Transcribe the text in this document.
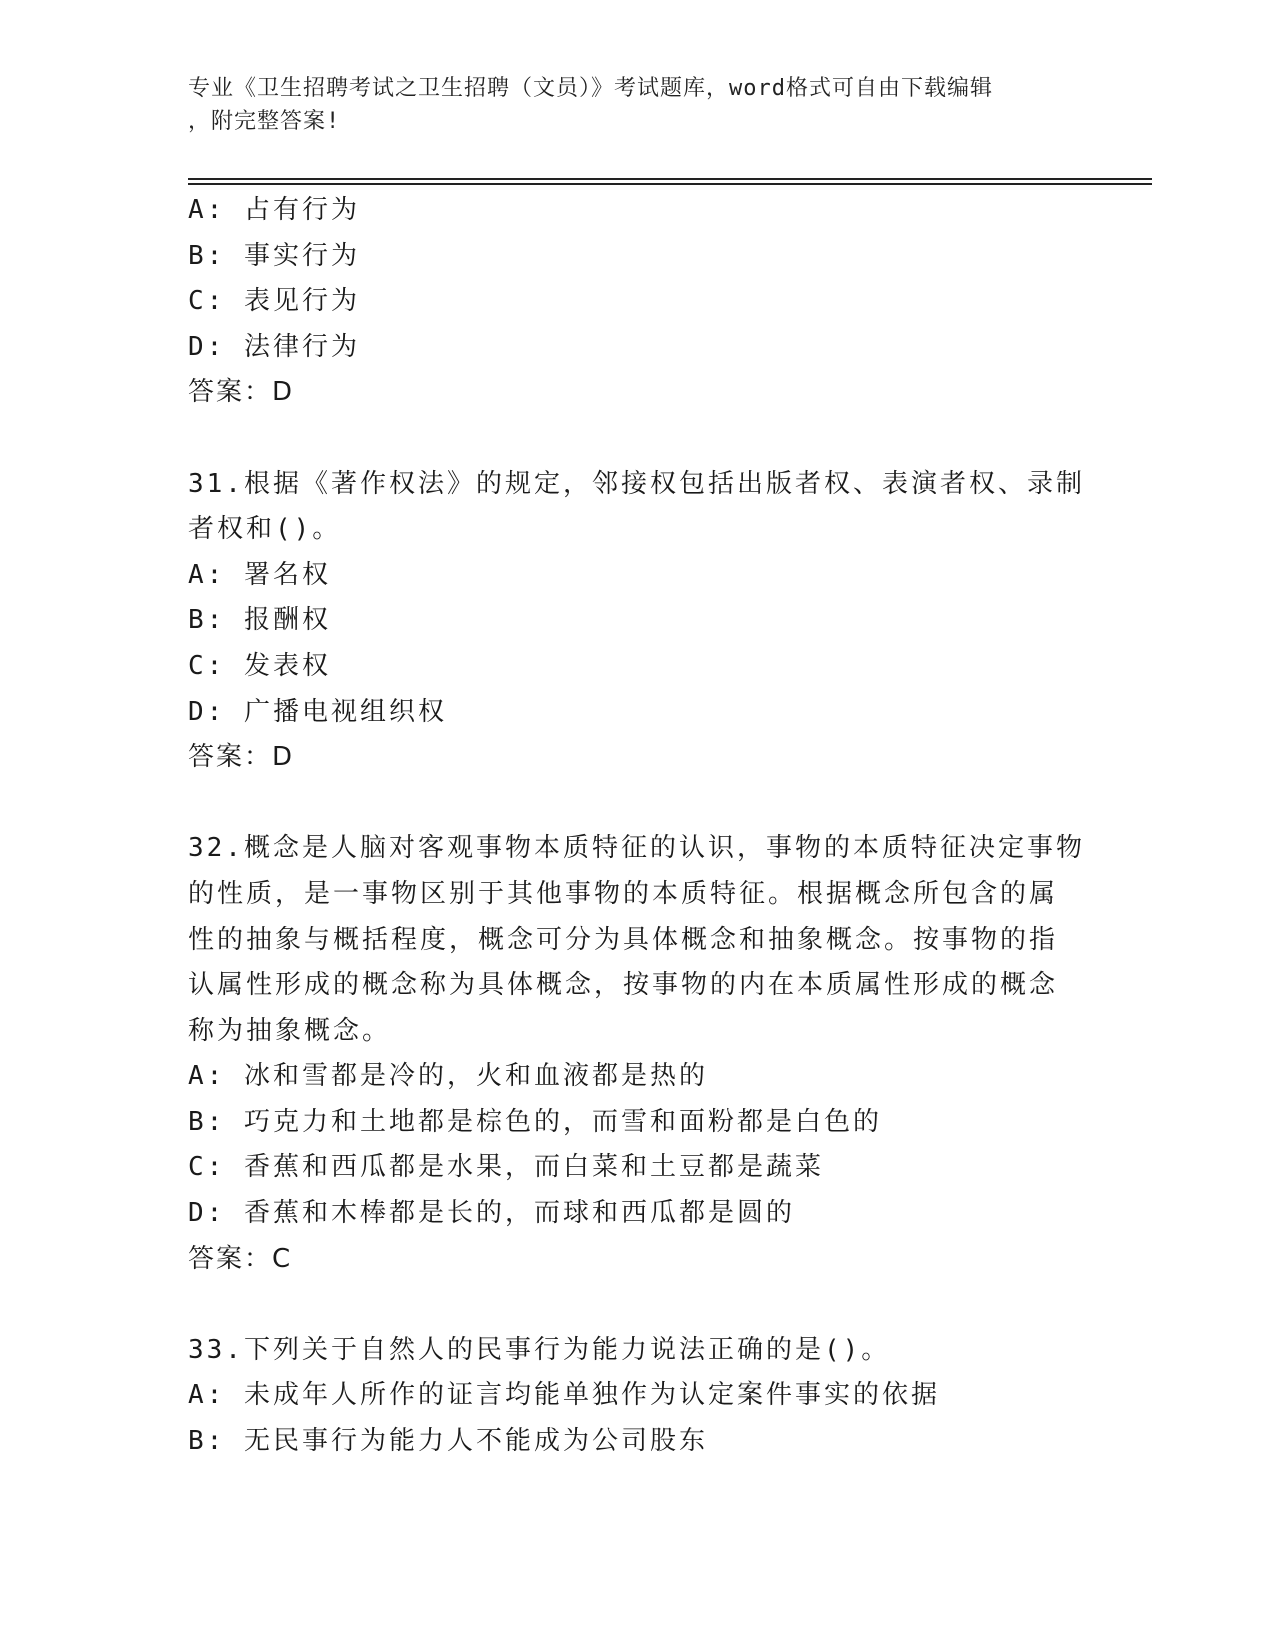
专业《卫生招聘考试之卫生招聘（文员）》考试题库，word格式可自由下载编辑
，附完整答案!
A: 占有行为
B: 事实行为
C: 表见行为
D: 法律行为
答案：D
31.根据《著作权法》的规定，邻接权包括出版者权、表演者权、录制
者权和()。
A: 署名权
B: 报酬权
C: 发表权
D: 广播电视组织权
答案：D
32.概念是人脑对客观事物本质特征的认识，事物的本质特征决定事物
的性质，是一事物区别于其他事物的本质特征。根据概念所包含的属
性的抽象与概括程度，概念可分为具体概念和抽象概念。按事物的指
认属性形成的概念称为具体概念，按事物的内在本质属性形成的概念
称为抽象概念。
A: 冰和雪都是冷的，火和血液都是热的
B: 巧克力和土地都是棕色的，而雪和面粉都是白色的
C: 香蕉和西瓜都是水果，而白菜和土豆都是蔬菜
D: 香蕉和木棒都是长的，而球和西瓜都是圆的
答案：C
33.下列关于自然人的民事行为能力说法正确的是()。
A: 未成年人所作的证言均能单独作为认定案件事实的依据
B: 无民事行为能力人不能成为公司股东
